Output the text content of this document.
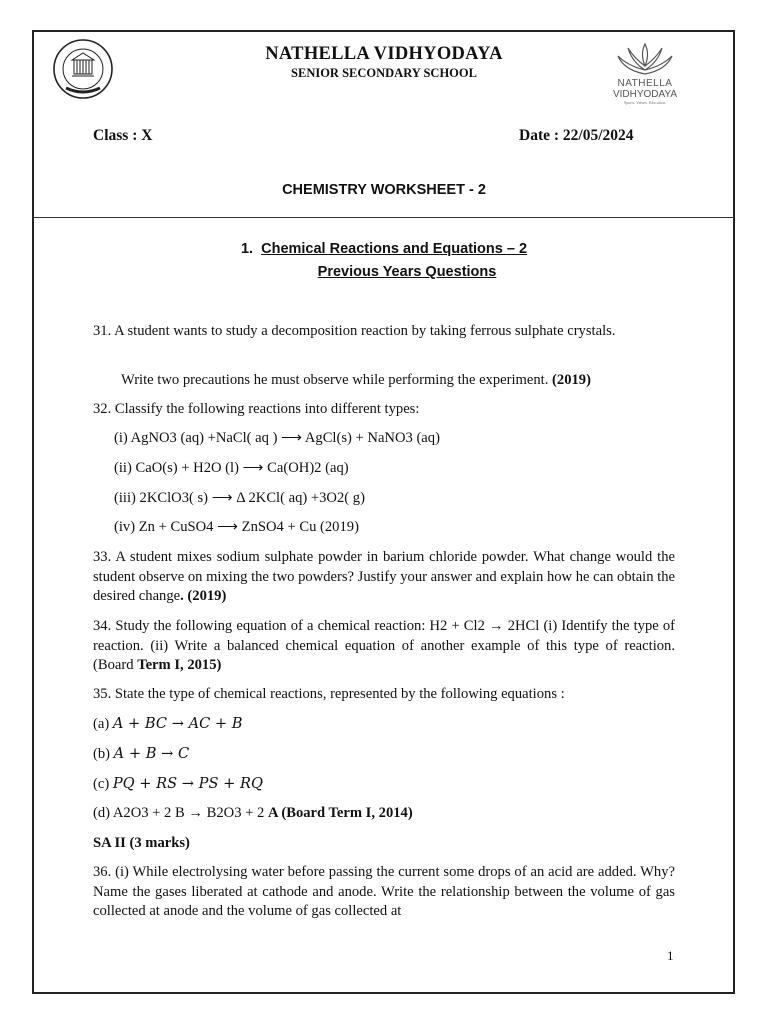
NATHELLA VIDHYODAYA
SENIOR SECONDARY SCHOOL
NATHELLA
VIDHYODAYA
Sports. Values. Education.
Class : X	Date : 22/05/2024
CHEMISTRY WORKSHEET - 2
1. Chemical Reactions and Equations – 2
Previous Years Questions
31. A student wants to study a decomposition reaction by taking ferrous sulphate crystals.
Write two precautions he must observe while performing the experiment. (2019)
32. Classify the following reactions into different types:
(i) AgNO3 (aq) +NaCl( aq ) ⟶ AgCl(s) + NaNO3 (aq)
(ii) CaO(s) + H2O (l) ⟶ Ca(OH)2 (aq)
(iii) 2KClO3( s) ⟶ Δ 2KCl( aq) +3O2( g)
(iv) Zn + CuSO4 ⟶ ZnSO4 + Cu (2019)
33. A student mixes sodium sulphate powder in barium chloride powder. What change would the student observe on mixing the two powders? Justify your answer and explain how he can obtain the desired change. (2019)
34. Study the following equation of a chemical reaction: H2 + Cl2 → 2HCl (i) Identify the type of reaction. (ii) Write a balanced chemical equation of another example of this type of reaction. (Board Term I, 2015)
35. State the type of chemical reactions, represented by the following equations :
(a) A + BC → AC + B
(b) A + B → C
(c) PQ + RS → PS + RQ
(d) A2O3 + 2 B → B2O3 + 2 A (Board Term I, 2014)
SA II (3 marks)
36. (i) While electrolysing water before passing the current some drops of an acid are added. Why? Name the gases liberated at cathode and anode. Write the relationship between the volume of gas collected at anode and the volume of gas collected at
1
